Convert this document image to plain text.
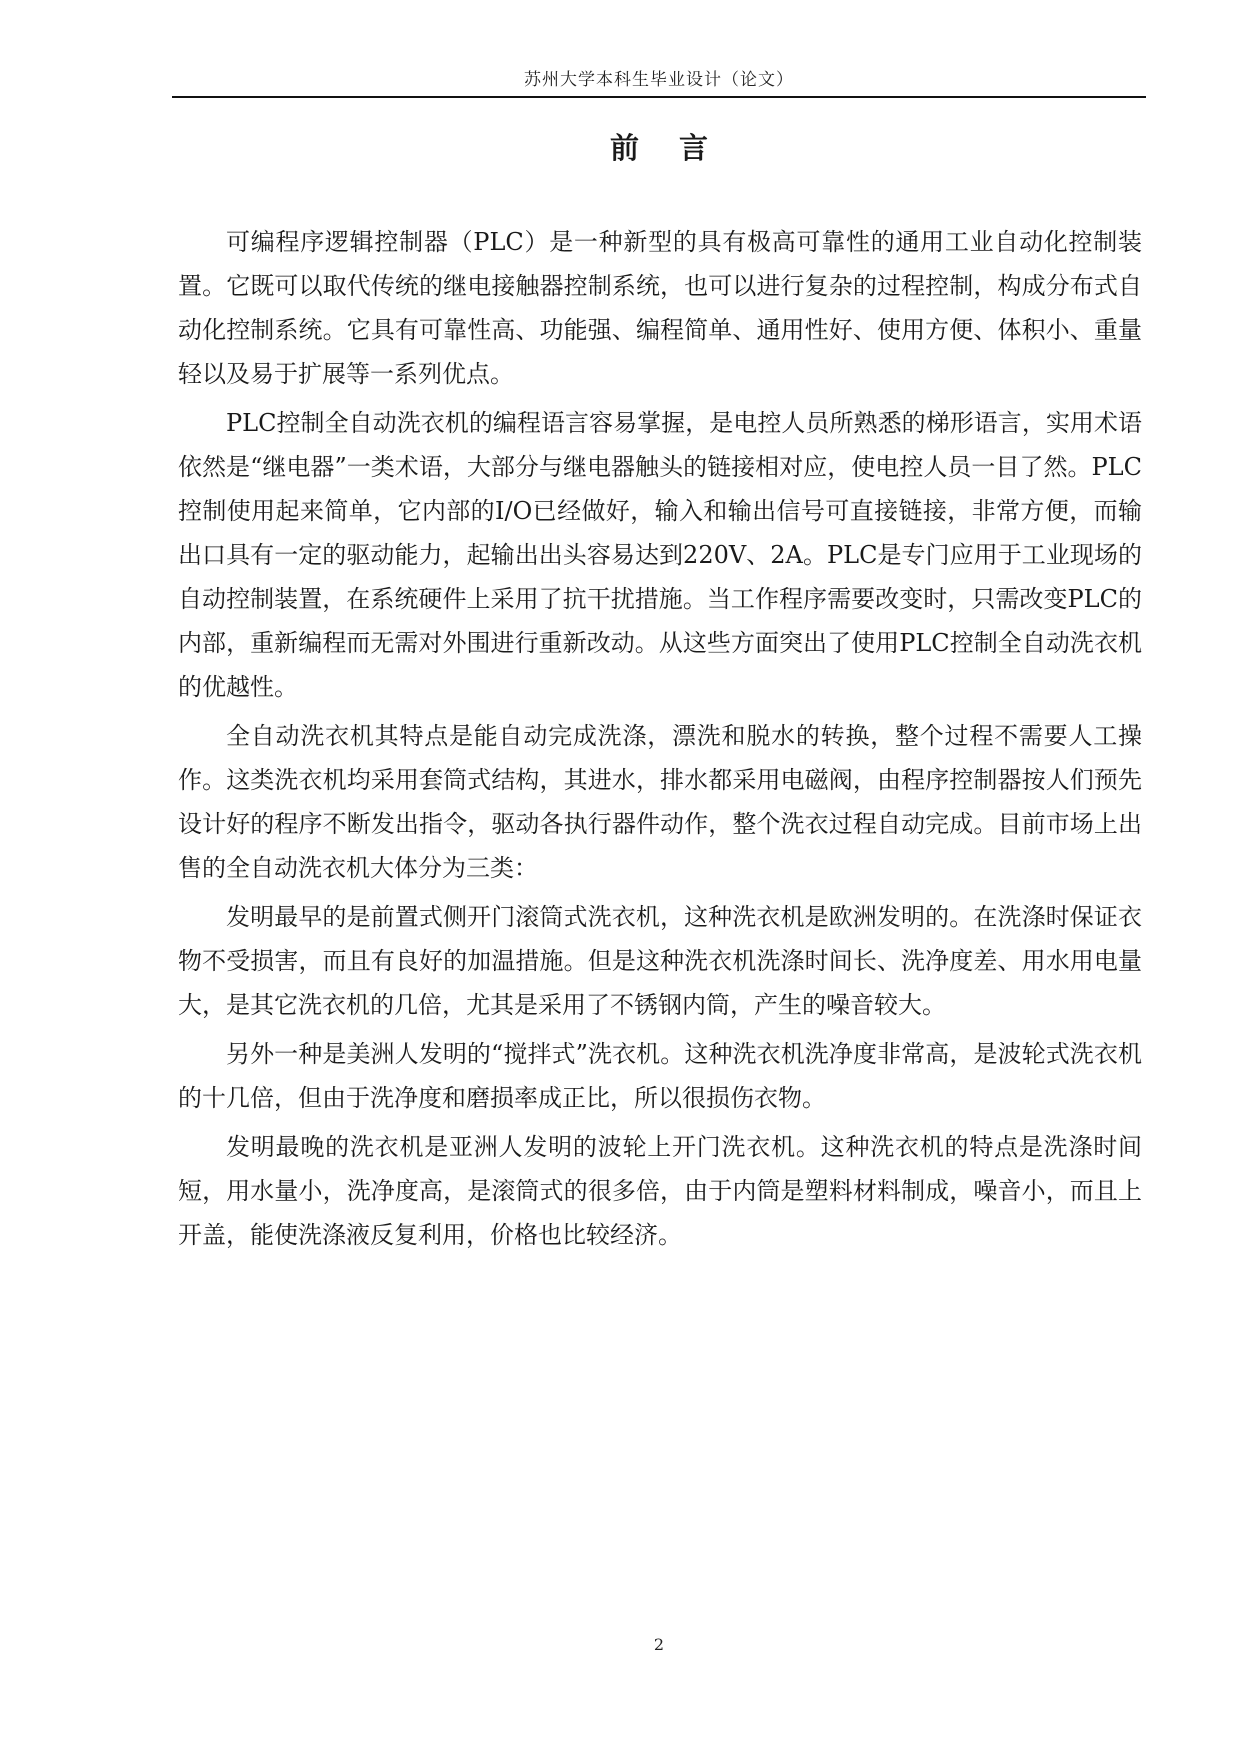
苏州大学本科生毕业设计（论文）
前 言

可编程序逻辑控制器（PLC）是一种新型的具有极高可靠性的通用工业自动化控制装置。它既可以取代传统的继电接触器控制系统，也可以进行复杂的过程控制，构成分布式自动化控制系统。它具有可靠性高、功能强、编程简单、通用性好、使用方便、体积小、重量轻以及易于扩展等一系列优点。

PLC控制全自动洗衣机的编程语言容易掌握，是电控人员所熟悉的梯形语言，实用术语依然是“继电器”一类术语，大部分与继电器触头的链接相对应，使电控人员一目了然。PLC控制使用起来简单，它内部的I/O已经做好，输入和输出信号可直接链接，非常方便，而输出口具有一定的驱动能力，起输出出头容易达到220V、2A。PLC是专门应用于工业现场的自动控制装置，在系统硬件上采用了抗干扰措施。当工作程序需要改变时，只需改变PLC的内部，重新编程而无需对外围进行重新改动。从这些方面突出了使用PLC控制全自动洗衣机的优越性。

全自动洗衣机其特点是能自动完成洗涤，漂洗和脱水的转换，整个过程不需要人工操作。这类洗衣机均采用套筒式结构，其进水，排水都采用电磁阀，由程序控制器按人们预先设计好的程序不断发出指令，驱动各执行器件动作，整个洗衣过程自动完成。目前市场上出售的全自动洗衣机大体分为三类：

发明最早的是前置式侧开门滚筒式洗衣机，这种洗衣机是欧洲发明的。在洗涤时保证衣物不受损害，而且有良好的加温措施。但是这种洗衣机洗涤时间长、洗净度差、用水用电量大，是其它洗衣机的几倍，尤其是采用了不锈钢内筒，产生的噪音较大。

另外一种是美洲人发明的“搅拌式”洗衣机。这种洗衣机洗净度非常高，是波轮式洗衣机的十几倍，但由于洗净度和磨损率成正比，所以很损伤衣物。

发明最晚的洗衣机是亚洲人发明的波轮上开门洗衣机。这种洗衣机的特点是洗涤时间短，用水量小，洗净度高，是滚筒式的很多倍，由于内筒是塑料材料制成，噪音小，而且上开盖，能使洗涤液反复利用，价格也比较经济。

2
